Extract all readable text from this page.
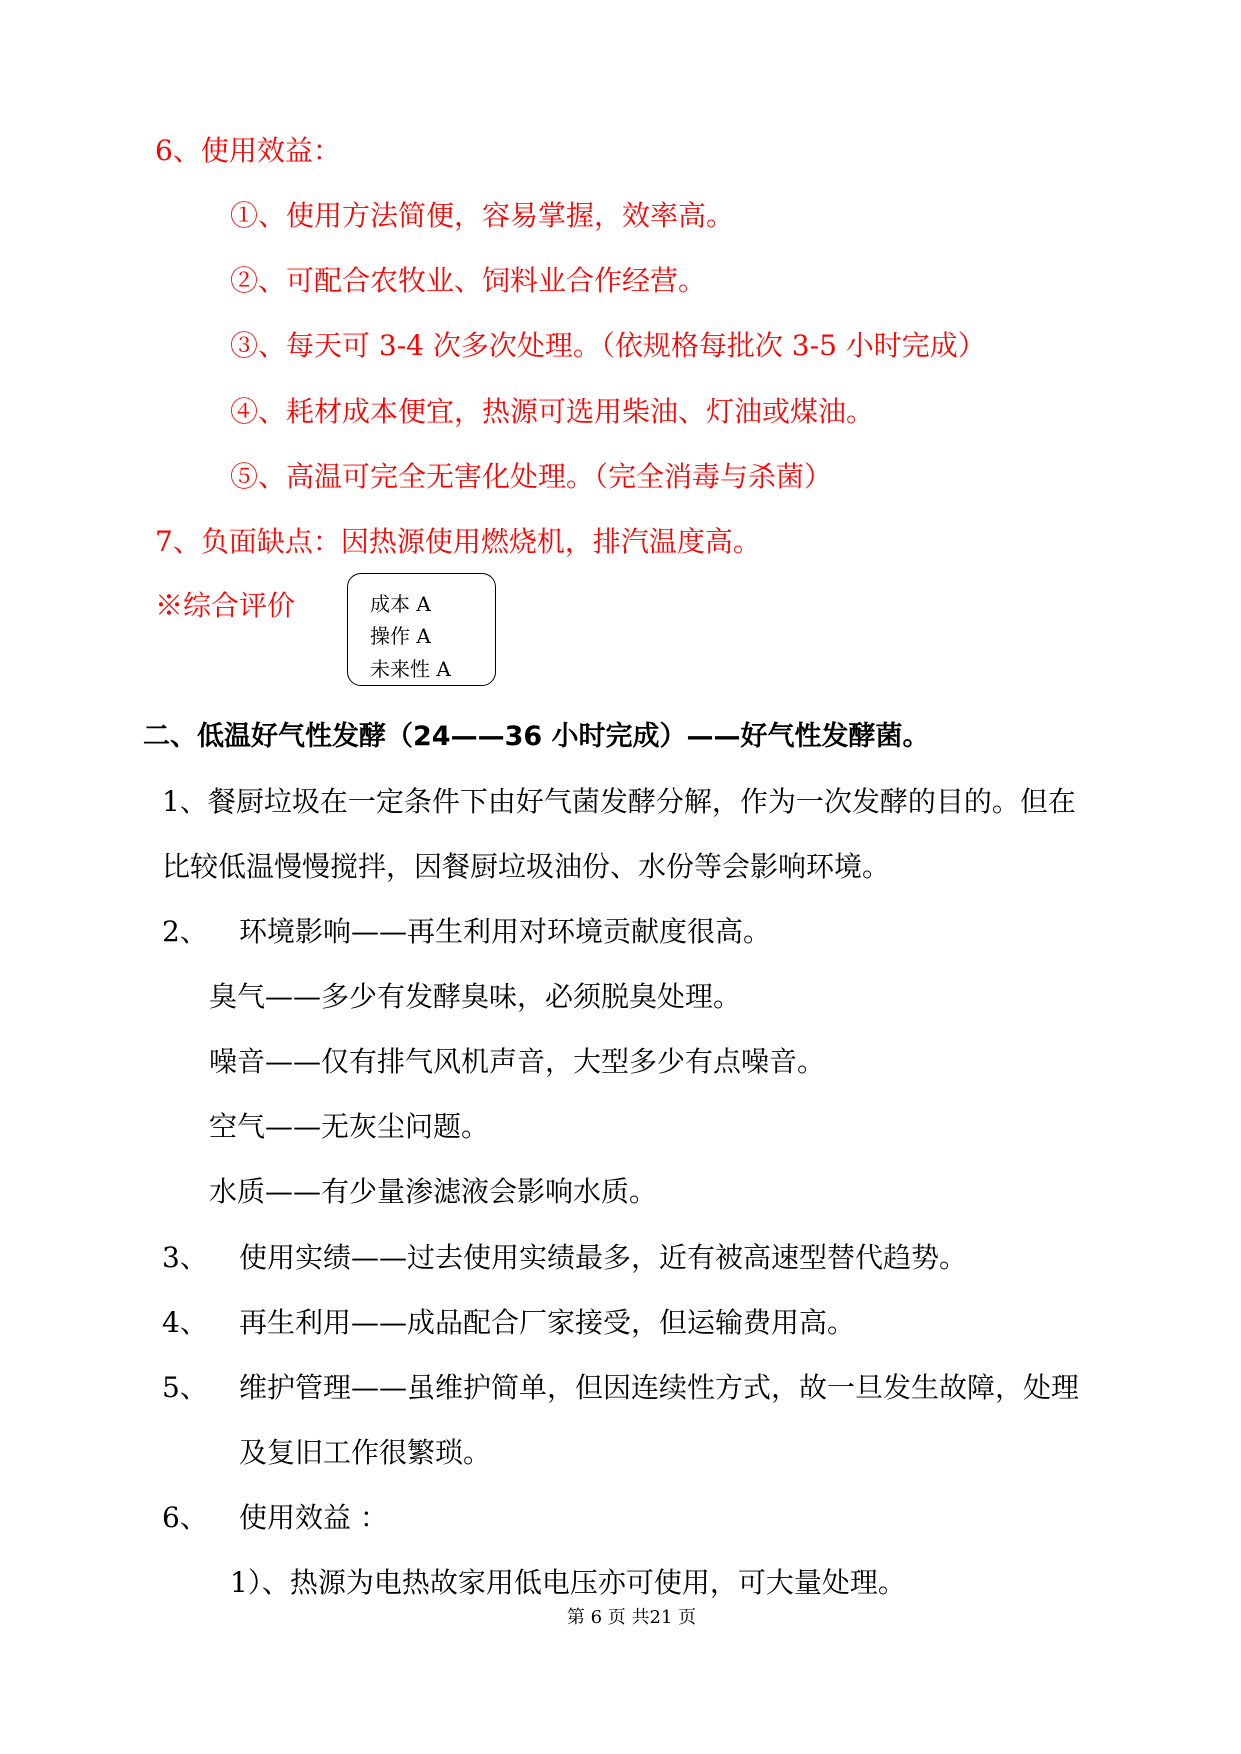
6、使用效益：
①、使用方法简便，容易掌握，效率高。
②、可配合农牧业、饲料业合作经营。
③、每天可 3-4 次多次处理。（依规格每批次 3-5 小时完成）
④、耗材成本便宜，热源可选用柴油、灯油或煤油。
⑤、高温可完全无害化处理。（完全消毒与杀菌）
7、负面缺点：因热源使用燃烧机，排汽温度高。
※综合评价	成本 A
操作 A
未来性 A
二、低温好气性发酵（24——36 小时完成）——好气性发酵菌。
1、餐厨垃圾在一定条件下由好气菌发酵分解，作为一次发酵的目的。但在
比较低温慢慢搅拌，因餐厨垃圾油份、水份等会影响环境。
2、 环境影响——再生利用对环境贡献度很高。
臭气——多少有发酵臭味，必须脱臭处理。
噪音——仅有排气风机声音，大型多少有点噪音。
空气——无灰尘问题。
水质——有少量渗滤液会影响水质。
3、 使用实绩——过去使用实绩最多，近有被高速型替代趋势。
4、 再生利用——成品配合厂家接受，但运输费用高。
5、 维护管理——虽维护简单，但因连续性方式，故一旦发生故障，处理
及复旧工作很繁琐。
6、 使用效益 ：
1）、热源为电热故家用低电压亦可使用，可大量处理。
第 6 页 共21 页
